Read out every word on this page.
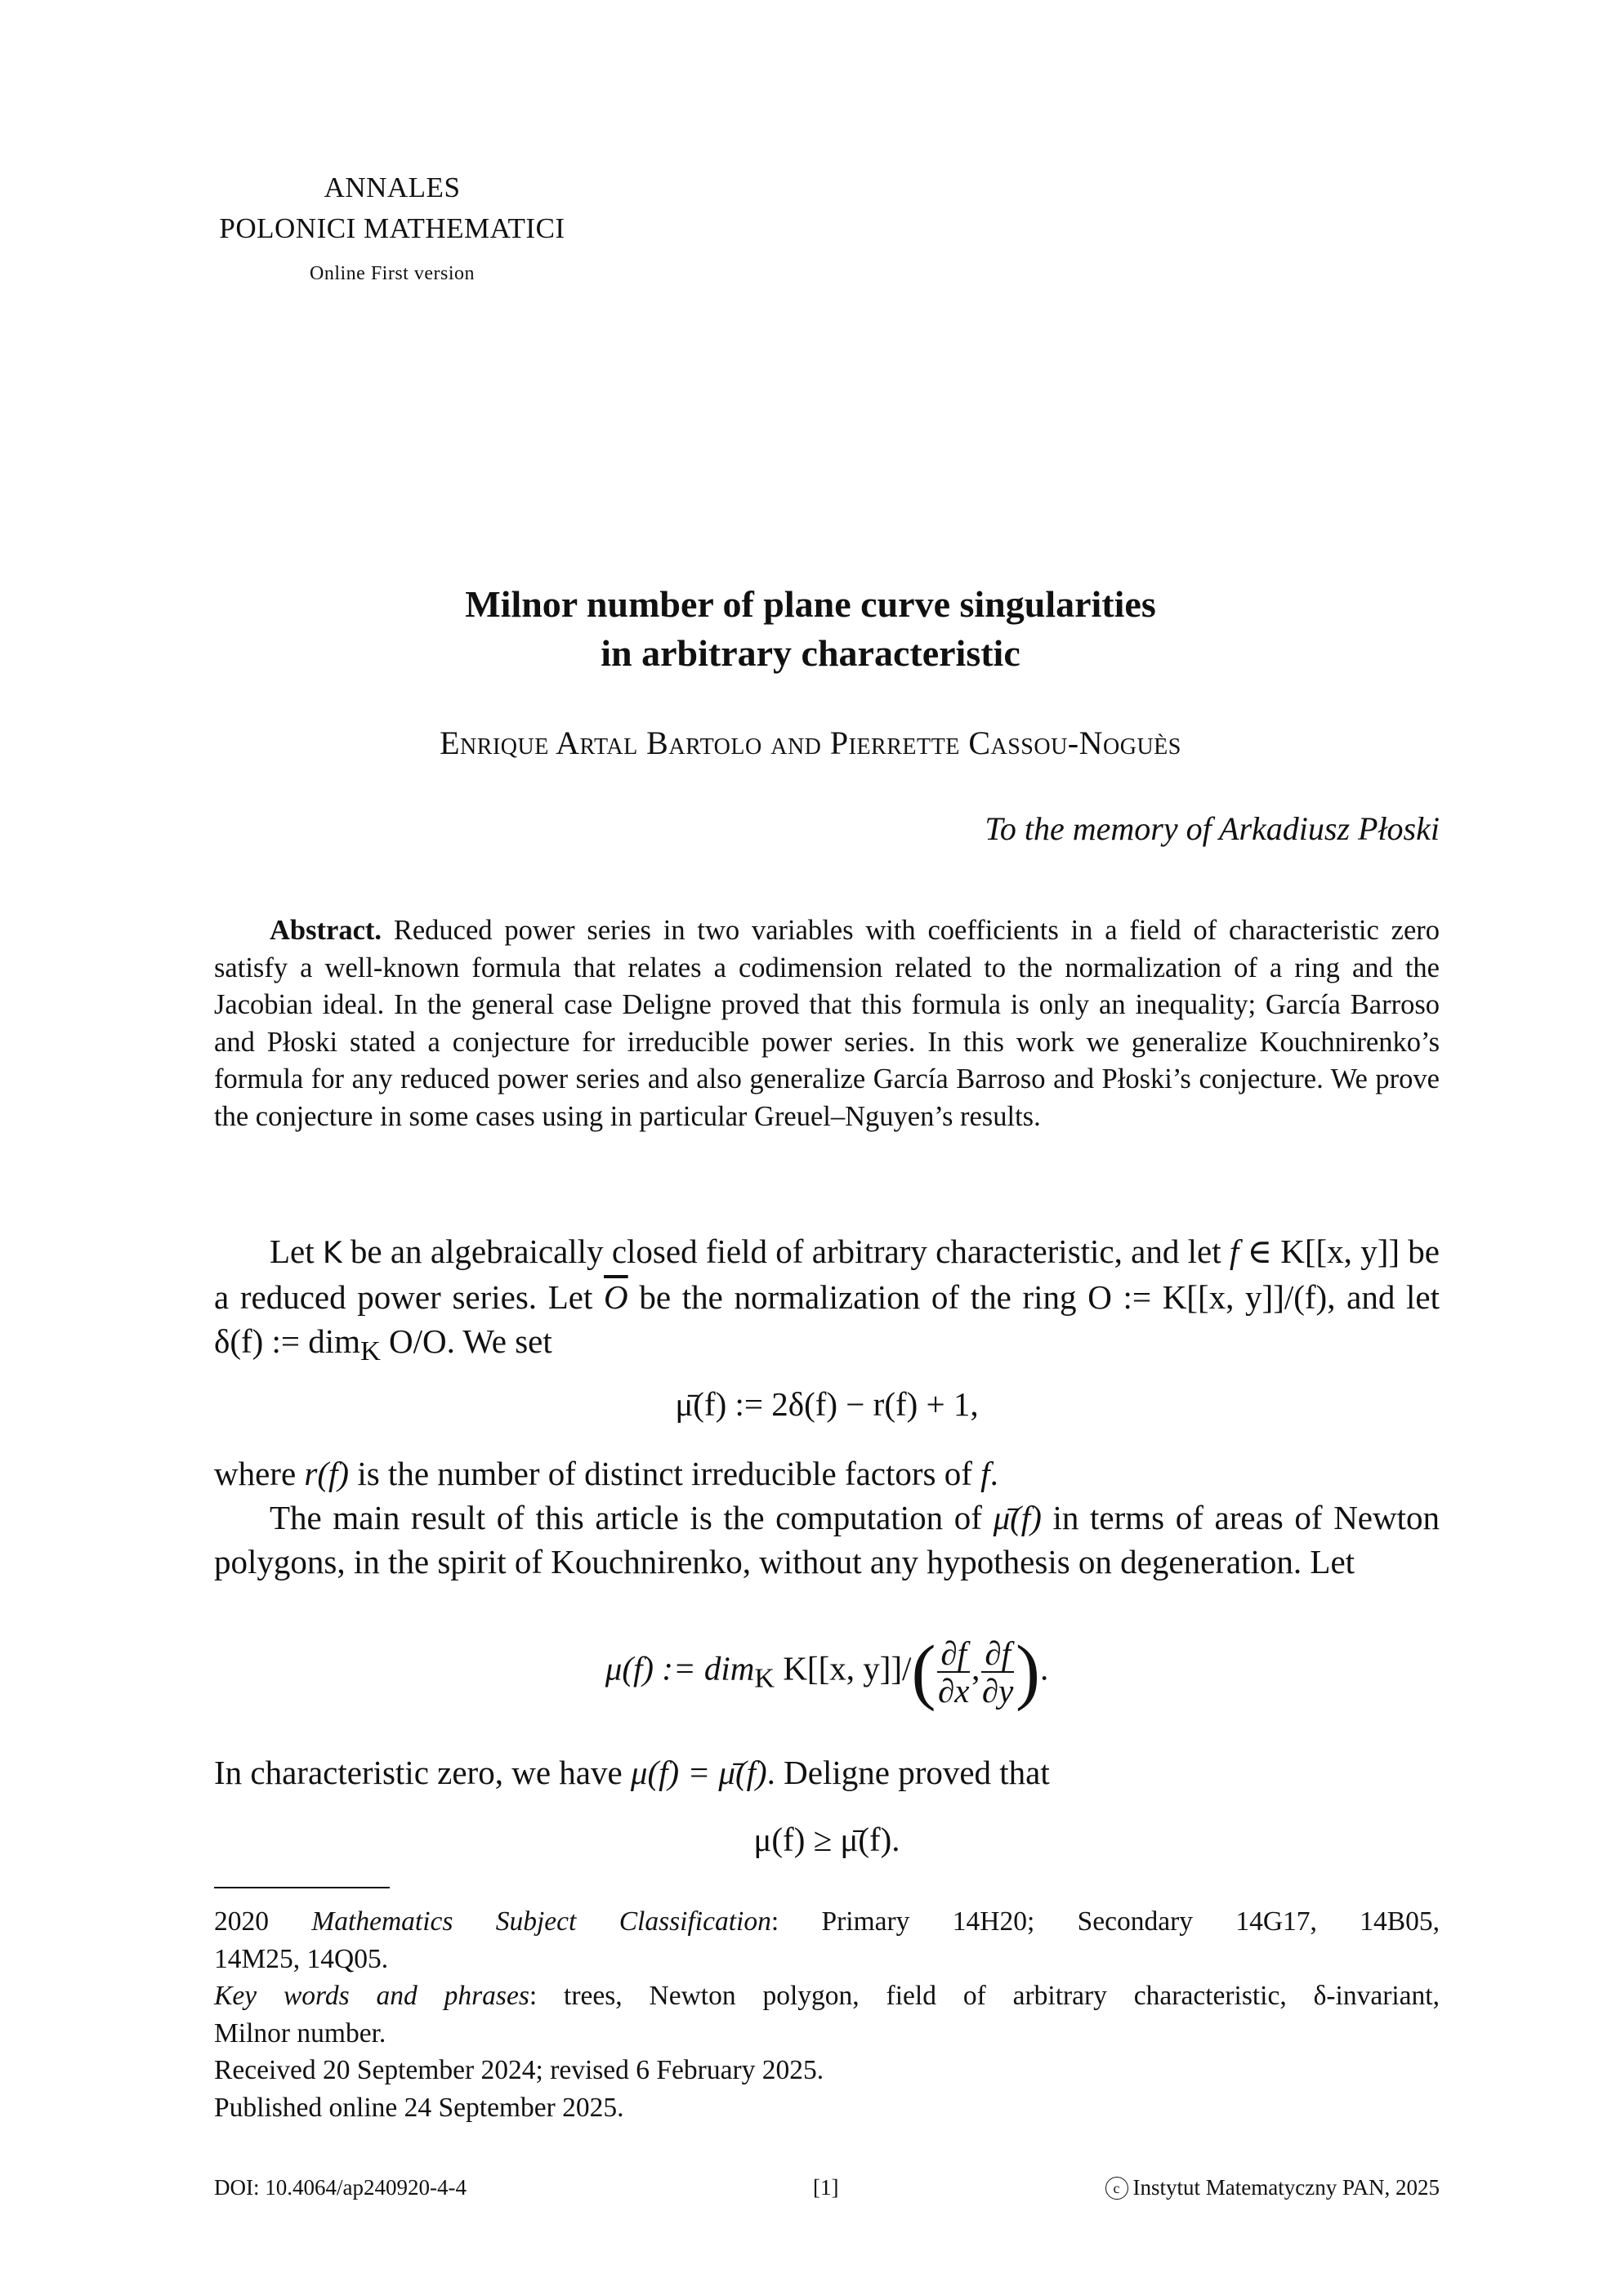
ANNALES
POLONICI MATHEMATICI
Online First version
Milnor number of plane curve singularities
in arbitrary characteristic
Enrique Artal Bartolo and Pierrette Cassou-Noguès
To the memory of Arkadiusz Płoski
Abstract. Reduced power series in two variables with coefficients in a field of characteristic zero satisfy a well-known formula that relates a codimension related to the normalization of a ring and the Jacobian ideal. In the general case Deligne proved that this formula is only an inequality; García Barroso and Płoski stated a conjecture for irreducible power series. In this work we generalize Kouchnirenko’s formula for any reduced power series and also generalize García Barroso and Płoski’s conjecture. We prove the conjecture in some cases using in particular Greuel–Nguyen’s results.
Let K be an algebraically closed field of arbitrary characteristic, and let f ∈ K[[x, y]] be a reduced power series. Let $\overline{O}$ be the normalization of the ring O := K[[x, y]]/(f), and let δ(f) := dim$_K$ O/O. We set
μ̄(f) := 2δ(f) − r(f) + 1,
where r(f) is the number of distinct irreducible factors of f.
The main result of this article is the computation of μ̄(f) in terms of areas of Newton polygons, in the spirit of Kouchnirenko, without any hypothesis on degeneration. Let
μ(f) := dim$_K$ K[[x, $y]]/( \frac{\partial f}{\partial x}$ , $\frac{\partial f}{\partial y}$ ).
In characteristic zero, we have μ(f) = μ̄(f). Deligne proved that
μ(f) ≥ μ̄(f).
2020 Mathematics Subject Classification: Primary 14H20; Secondary 14G17, 14B05,
14M25, 14Q05.
Key words and phrases: trees, Newton polygon, field of arbitrary characteristic, δ-invariant,
Milnor number.
Received 20 September 2024; revised 6 February 2025.
Published online 24 September 2025.
DOI: 10.4064/ap240920-4-4	[1]	c Instytut Matematyczny PAN, 2025
